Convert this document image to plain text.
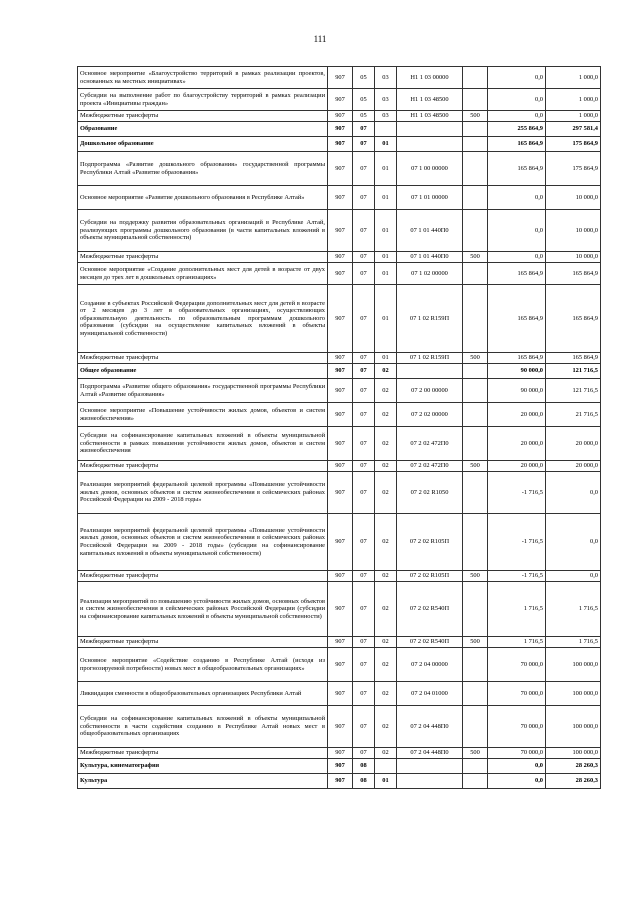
111
Основное мероприятие «Благоустройство территорий в рамках реализации проектов, основанных на местных инициативах»	907	05	03	Н1 1 03 00000		0,0	1 000,0
Субсидии на выполнение работ по благоустройству территорий в рамках реализации проекта «Инициативы граждан»	907	05	03	Н1 1 03 48500		0,0	1 000,0
Межбюджетные трансферты	907	05	03	Н1 1 03 48500	500	0,0	1 000,0
Образование	907	07				255 864,9	297 581,4
Дошкольное образование	907	07	01			165 864,9	175 864,9
Подпрограмма «Развитие дошкольного образования» государственной программы Республики Алтай «Развитие образования»	907	07	01	07 1 00 00000		165 864,9	175 864,9
Основное мероприятие «Развитие дошкольного образования в Республике Алтай»	907	07	01	07 1 01 00000		0,0	10 000,0
Субсидии на поддержку развития образовательных организаций в Республике Алтай, реализующих программы дошкольного образования (в части капитальных вложений в объекты муниципальной собственности)	907	07	01	07 1 01 440П0		0,0	10 000,0
Межбюджетные трансферты	907	07	01	07 1 01 440П0	500	0,0	10 000,0
Основное мероприятие «Создание дополнительных мест для детей в возрасте от двух месяцев до трех лет в дошкольных организациях»	907	07	01	07 1 02 00000		165 864,9	165 864,9
Создание в субъектах Российской Федерации дополнительных мест для детей в возрасте от 2 месяцев до 3 лет в образовательных организациях, осуществляющих образовательную деятельность по образовательным программам дошкольного образования (субсидии на осуществление капитальных вложений в объекты муниципальной собственности)	907	07	01	07 1 02 R159П		165 864,9	165 864,9
Межбюджетные трансферты	907	07	01	07 1 02 R159П	500	165 864,9	165 864,9
Общее образование	907	07	02			90 000,0	121 716,5
Подпрограмма «Развитие общего образования» государственной программы Республики Алтай «Развитие образования»	907	07	02	07 2 00 00000		90 000,0	121 716,5
Основное мероприятие «Повышение устойчивости жилых домов, объектов и систем жизнеобеспечения»	907	07	02	07 2 02 00000		20 000,0	21 716,5
Субсидии на софинансирование капитальных вложений в объекты муниципальной собственности в рамках повышения устойчивости жилых домов, объектов и систем жизнеобеспечения	907	07	02	07 2 02 472П0		20 000,0	20 000,0
Межбюджетные трансферты	907	07	02	07 2 02 472П0	500	20 000,0	20 000,0
Реализация мероприятий федеральной целевой программы «Повышение устойчивости жилых домов, основных объектов и систем жизнеобеспечения в сейсмических районах Российской Федерации на 2009 - 2018 годы»	907	07	02	07 2 02 R1050		-1 716,5	0,0
Реализация мероприятий федеральной целевой программы «Повышение устойчивости жилых домов, основных объектов и систем жизнеобеспечения в сейсмических районах Российской Федерации на 2009 - 2018 годы» (субсидии на софинансирование капитальных вложений в объекты муниципальной собственности)	907	07	02	07 2 02 R105П		-1 716,5	0,0
Межбюджетные трансферты	907	07	02	07 2 02 R105П	500	-1 716,5	0,0
Реализация мероприятий по повышению устойчивости жилых домов, основных объектов и систем жизнеобеспечения в сейсмических районах Российской Федерации (субсидии на софинансирование капитальных вложений в объекты муниципальной собственности)	907	07	02	07 2 02 R540П		1 716,5	1 716,5
Межбюджетные трансферты	907	07	02	07 2 02 R540П	500	1 716,5	1 716,5
Основное мероприятие «Содействие созданию в Республике Алтай (исходя из прогнозируемой потребности) новых мест в общеобразовательных организациях»	907	07	02	07 2 04 00000		70 000,0	100 000,0
Ликвидация сменности в общеобразовательных организациях Республики Алтай	907	07	02	07 2 04 01000		70 000,0	100 000,0
Субсидии на софинансирование капитальных вложений в объекты муниципальной собственности в части содействия созданию в Республике Алтай новых мест в общеобразовательных организациях	907	07	02	07 2 04 448П0		70 000,0	100 000,0
Межбюджетные трансферты	907	07	02	07 2 04 448П0	500	70 000,0	100 000,0
Культура, кинематография	907	08				0,0	28 260,3
Культура	907	08	01			0,0	28 260,3
